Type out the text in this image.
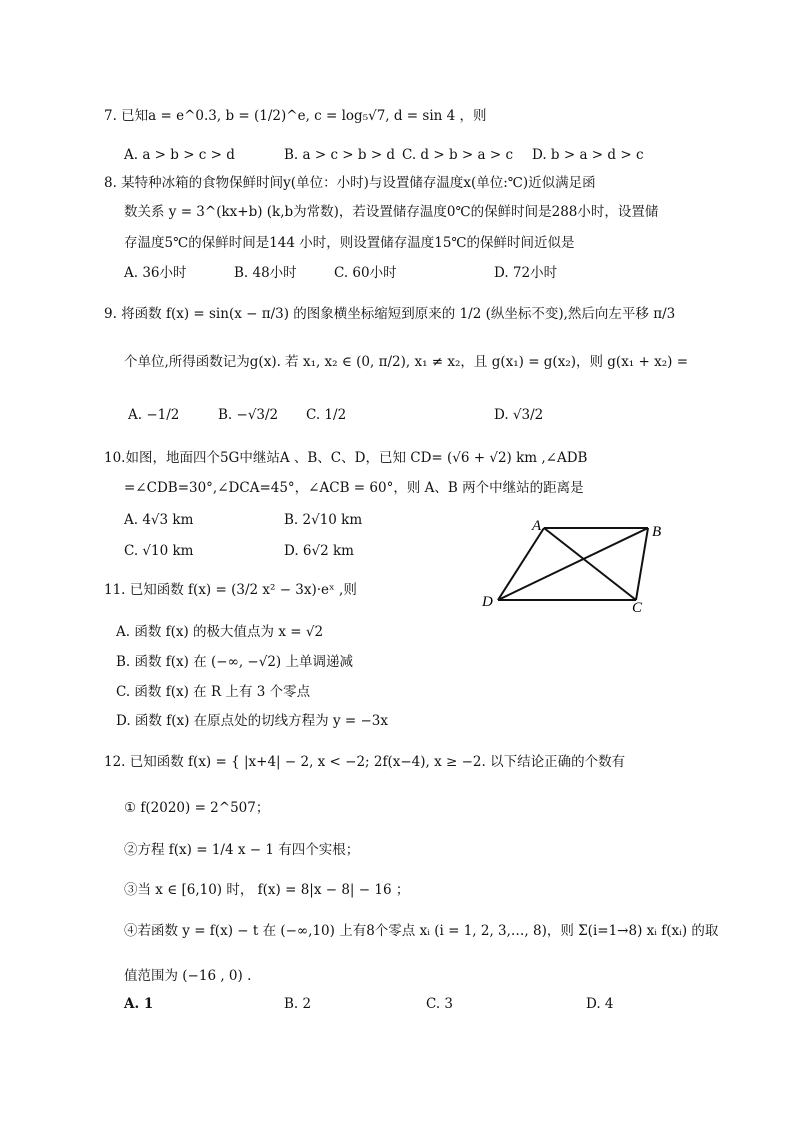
7. 已知a = e^0.3, b = (1/2)^e, c = log₅√7, d = sin 4 ，则
A. a > b > c > d	B. a > c > b > d C. d > b > a > c D. b > a > d > c
8. 某特种冰箱的食物保鲜时间y(单位：小时)与设置储存温度x(单位:℃)近似满足函
数关系 y = 3^(kx+b) (k,b为常数)，若设置储存温度0℃的保鲜时间是288小时，设置储
存温度5℃的保鲜时间是144 小时，则设置储存温度15℃的保鲜时间近似是
A. 36小时	B. 48小时	C. 60小时	D. 72小时
9. 将函数 f(x) = sin(x − π/3) 的图象横坐标缩短到原来的 1/2 (纵坐标不变),然后向左平移 π/3
个单位,所得函数记为g(x). 若 x₁, x₂ ∈ (0, π/2), x₁ ≠ x₂，且 g(x₁) = g(x₂)，则 g(x₁ + x₂) =
A. −1/2	B. −√3/2 C. 1/2	D. √3/2
10.如图，地面四个5G中继站A 、B、C、D，已知 CD= (√6 + √2) km ,∠ADB
=∠CDB=30°,∠DCA=45°，∠ACB = 60°，则 A、B 两个中继站的距离是
A. 4√3 km	B. 2√10 km
C. √10 km	D. 6√2 km
A	B
C
D
11. 已知函数 f(x) = (3/2 x² − 3x)·eˣ ,则
A. 函数 f(x) 的极大值点为 x = √2
B. 函数 f(x) 在 (−∞, −√2) 上单调递减
C. 函数 f(x) 在 R 上有 3 个零点
D. 函数 f(x) 在原点处的切线方程为 y = −3x
12. 已知函数 f(x) = { |x+4| − 2, x < −2; 2f(x−4), x ≥ −2. 以下结论正确的个数有
① f(2020) = 2^507；
②方程 f(x) = 1/4 x − 1 有四个实根；
③当 x ∈ [6,10) 时， f(x) = 8|x − 8| − 16 ；
④若函数 y = f(x) − t 在 (−∞,10) 上有8个零点 xᵢ (i = 1, 2, 3,…, 8)，则 Σ(i=1→8) xᵢ f(xᵢ) 的取
值范围为 (−16 , 0) .
A. 1	B. 2	C. 3	D. 4
